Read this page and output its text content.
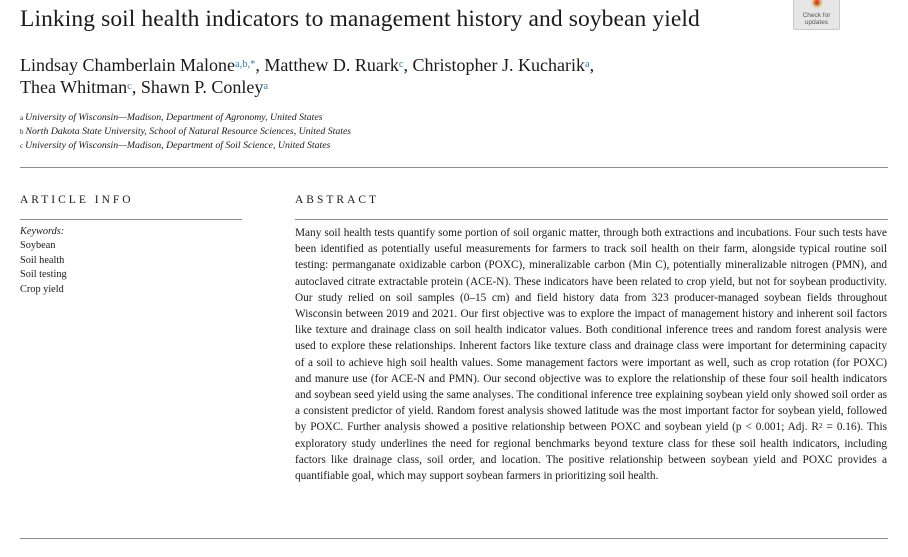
Linking soil health indicators to management history and soybean yield	Check for
updates
Lindsay Chamberlain Malone$^{a,b,*}$, Matthew D. Ruark$^c$, Christopher J. Kucharik$^a$,
Thea Whitman$^c$, Shawn P. Conley$^a$
$^a$ University of Wisconsin—Madison, Department of Agronomy, United States
$^b$ North Dakota State University, School of Natural Resource Sciences, United States
$^c$ University of Wisconsin—Madison, Department of Soil Science, United States
ARTICLE INFO
Keywords:
Soybean
Soil health
Soil testing
Crop yield
ABSTRACT
Many soil health tests quantify some portion of soil organic matter, through both extractions and incubations. Four such tests have been identified as potentially useful measurements for farmers to track soil health on their farm, alongside typical routine soil testing: permanganate oxidizable carbon (POXC), mineralizable carbon (Min C), potentially mineralizable nitrogen (PMN), and autoclaved citrate extractable protein (ACE-N). These indicators have been related to crop yield, but not for soybean productivity. Our study relied on soil samples (0–15 cm) and field history data from 323 producer-managed soybean fields throughout Wisconsin between 2019 and 2021. Our first objective was to explore the impact of management history and inherent soil factors like texture and drainage class on soil health indicator values. Both conditional inference trees and random forest analysis were used to explore these relationships. Inherent factors like texture class and drainage class were important for determining capacity of a soil to achieve high soil health values. Some management factors were important as well, such as crop rotation (for POXC) and manure use (for ACE-N and PMN). Our second objective was to explore the relationship of these four soil health indicators and soybean seed yield using the same analyses. The conditional inference tree explaining soybean yield only showed soil order as a consistent predictor of yield. Random forest analysis showed latitude was the most important factor for soybean yield, followed by POXC. Further analysis showed a positive relationship between POXC and soybean yield (p < 0.001; Adj. $R^2 = 0.16$). This exploratory study underlines the need for regional benchmarks beyond texture class for these soil health indicators, including factors like drainage class, soil order, and location. The positive relationship between soybean yield and POXC provides a quantifiable goal, which may support soybean farmers in prioritizing soil health.
